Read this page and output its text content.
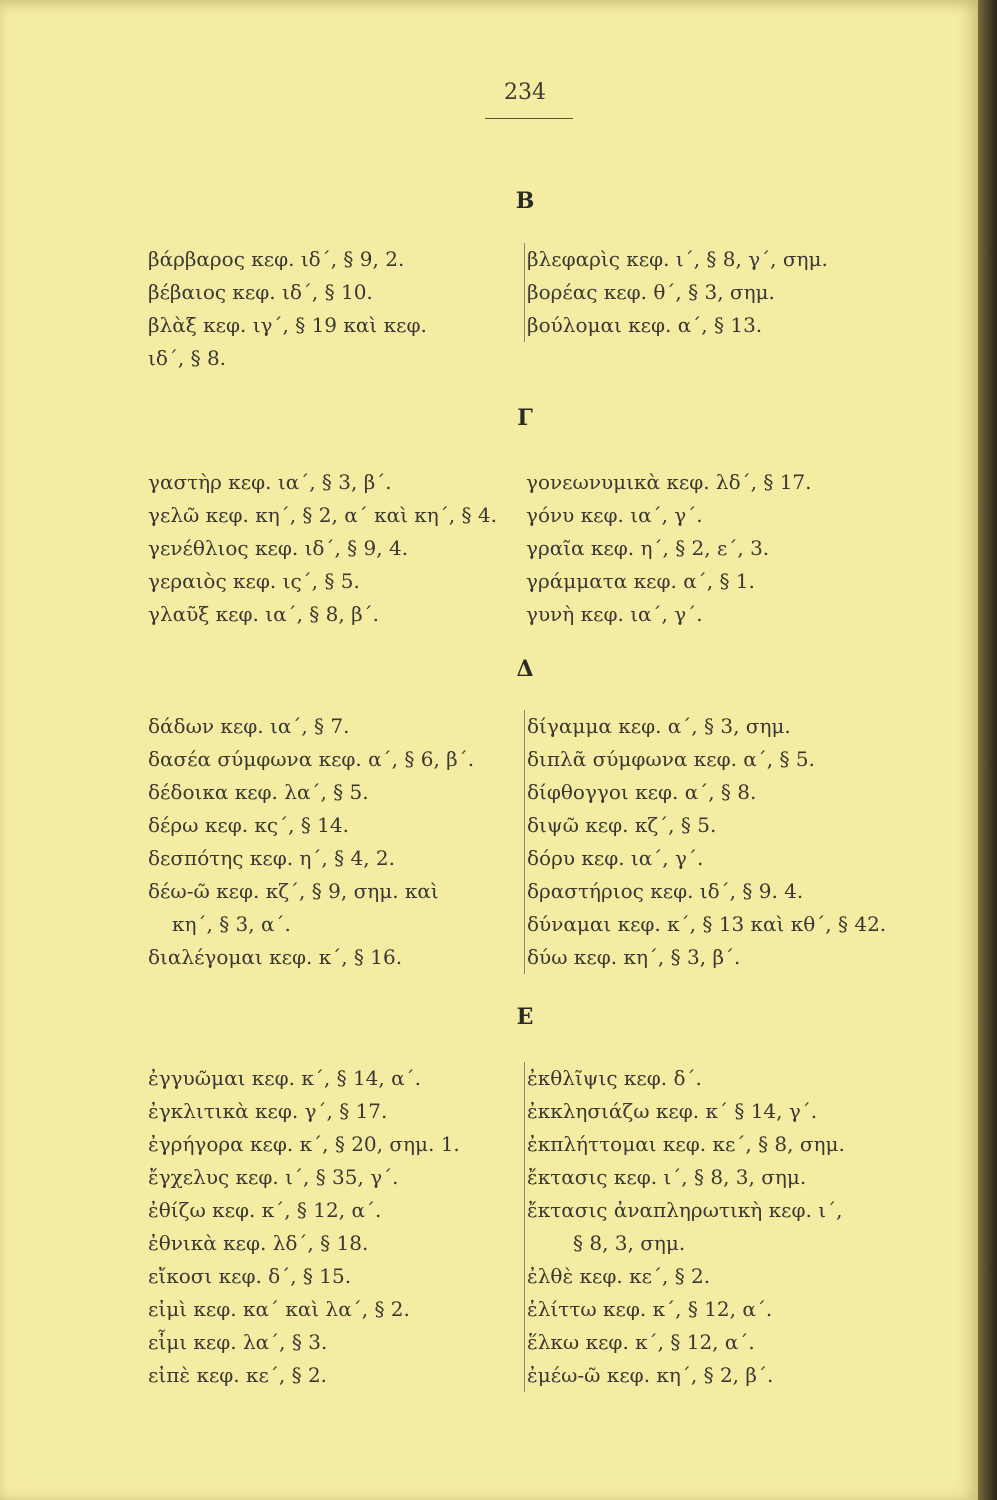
234
Β
βάρβαρος κεφ. ιδ΄, § 9, 2.
βέβαιος κεφ. ιδ΄, § 10.
βλὰξ κεφ. ιγ΄, § 19 καὶ κεφ.
ιδ΄, § 8.
βλεφαρὶς κεφ. ι΄, § 8, γ΄, σημ.
βορέας κεφ. θ΄, § 3, σημ.
βούλομαι κεφ. α΄, § 13.
Γ
γαστὴρ κεφ. ια΄, § 3, β΄.
γελῶ κεφ. κη΄, § 2, α΄ καὶ κη΄, § 4.
γενέθλιος κεφ. ιδ΄, § 9, 4.
γεραιὸς κεφ. ις΄, § 5.
γλαῦξ κεφ. ια΄, § 8, β΄.
γονεωνυμικὰ κεφ. λδ΄, § 17.
γόνυ κεφ. ια΄, γ΄.
γραῖα κεφ. η΄, § 2, ε΄, 3.
γράμματα κεφ. α΄, § 1.
γυνὴ κεφ. ια΄, γ΄.
Δ
δάδων κεφ. ια΄, § 7.
δασέα σύμφωνα κεφ. α΄, § 6, β΄.
δέδοικα κεφ. λα΄, § 5.
δέρω κεφ. κς΄, § 14.
δεσπότης κεφ. η΄, § 4, 2.
δέω-ῶ κεφ. κζ΄, § 9, σημ. καὶ
κη΄, § 3, α΄.
διαλέγομαι κεφ. κ΄, § 16.
δίγαμμα κεφ. α΄, § 3, σημ.
διπλᾶ σύμφωνα κεφ. α΄, § 5.
δίφθογγοι κεφ. α΄, § 8.
διψῶ κεφ. κζ΄, § 5.
δόρυ κεφ. ια΄, γ΄.
δραστήριος κεφ. ιδ΄, § 9. 4.
δύναμαι κεφ. κ΄, § 13 καὶ κθ΄, § 42.
δύω κεφ. κη΄, § 3, β΄.
Ε
ἐγγυῶμαι κεφ. κ΄, § 14, α΄.
ἐγκλιτικὰ κεφ. γ΄, § 17.
ἐγρήγορα κεφ. κ΄, § 20, σημ. 1.
ἔγχελυς κεφ. ι΄, § 35, γ΄.
ἐθίζω κεφ. κ΄, § 12, α΄.
ἐθνικὰ κεφ. λδ΄, § 18.
εἴκοσι κεφ. δ΄, § 15.
εἰμὶ κεφ. κα΄ καὶ λα΄, § 2.
εἶμι κεφ. λα΄, § 3.
εἰπὲ κεφ. κε΄, § 2.
ἐκθλῖψις κεφ. δ΄.
ἐκκλησιάζω κεφ. κ΄ § 14, γ΄.
ἐκπλήττομαι κεφ. κε΄, § 8, σημ.
ἔκτασις κεφ. ι΄, § 8, 3, σημ.
ἔκτασις ἀναπληρωτικὴ κεφ. ι΄,
§ 8, 3, σημ.
ἐλθὲ κεφ. κε΄, § 2.
ἑλίττω κεφ. κ΄, § 12, α΄.
ἕλκω κεφ. κ΄, § 12, α΄.
ἐμέω-ῶ κεφ. κη΄, § 2, β΄.
